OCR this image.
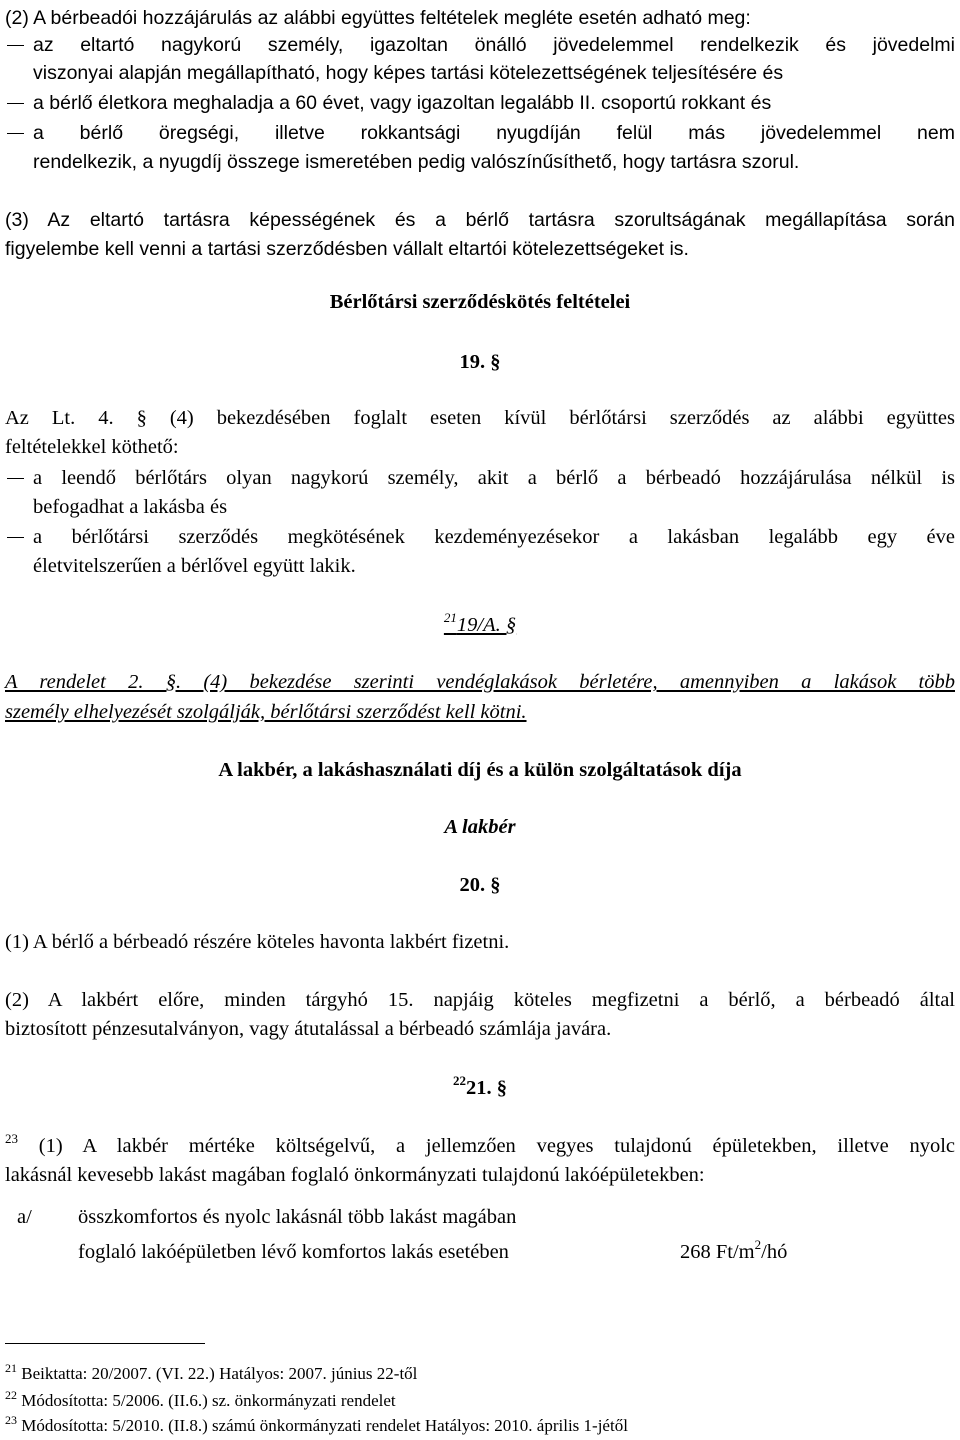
(2) A bérbeadói hozzájárulás az alábbi együttes feltételek megléte esetén adható meg:
az eltartó nagykorú személy, igazoltan önálló jövedelemmel rendelkezik és jövedelmi
viszonyai alapján megállapítható, hogy képes tartási kötelezettségének teljesítésére és
a bérlő életkora meghaladja a 60 évet, vagy igazoltan legalább II. csoportú rokkant és
a bérlő öregségi, illetve rokkantsági nyugdíján felül más jövedelemmel nem
rendelkezik, a nyugdíj összege ismeretében pedig valószínűsíthető, hogy tartásra szorul.
(3) Az eltartó tartásra képességének és a bérlő tartásra szorultságának megállapítása során
figyelembe kell venni a tartási szerződésben vállalt eltartói kötelezettségeket is.
Bérlőtársi szerződéskötés feltételei
19. §
Az Lt. 4. § (4) bekezdésében foglalt eseten kívül bérlőtársi szerződés az alábbi együttes
feltételekkel köthető:
a leendő bérlőtárs olyan nagykorú személy, akit a bérlő a bérbeadó hozzájárulása nélkül is
befogadhat a lakásba és
a bérlőtársi szerződés megkötésének kezdeményezésekor a lakásban legalább egy éve
életvitelszerűen a bérlővel együtt lakik.
$^{21}$19/A. §
A rendelet 2. §. (4) bekezdése szerinti vendéglakások bérletére, amennyiben a lakások több
személy elhelyezését szolgálják, bérlőtársi szerződést kell kötni.
A lakbér, a lakáshasználati díj és a külön szolgáltatások díja
A lakbér
20. §
(1) A bérlő a bérbeadó részére köteles havonta lakbért fizetni.
(2) A lakbért előre, minden tárgyhó 15. napjáig köteles megfizetni a bérlő, a bérbeadó által
biztosított pénzesutalványon, vagy átutalással a bérbeadó számlája javára.
$^{22}$21. §
$^{23}$ (1) A lakbér mértéke költségelvű, a jellemzően vegyes tulajdonú épületekben, illetve nyolc
lakásnál kevesebb lakást magában foglaló önkormányzati tulajdonú lakóépületekben:
a/	összkomfortos és nyolc lakásnál több lakást magában
foglaló lakóépületben lévő komfortos lakás esetében	268 Ft/m$^2$/hó
$^{21}$ Beiktatta: 20/2007. (VI. 22.) Hatályos: 2007. június 22-től
$^{22}$ Módosította: 5/2006. (II.6.) sz. önkormányzati rendelet
$^{23}$ Módosította: 5/2010. (II.8.) számú önkormányzati rendelet Hatályos: 2010. április 1-jétől
